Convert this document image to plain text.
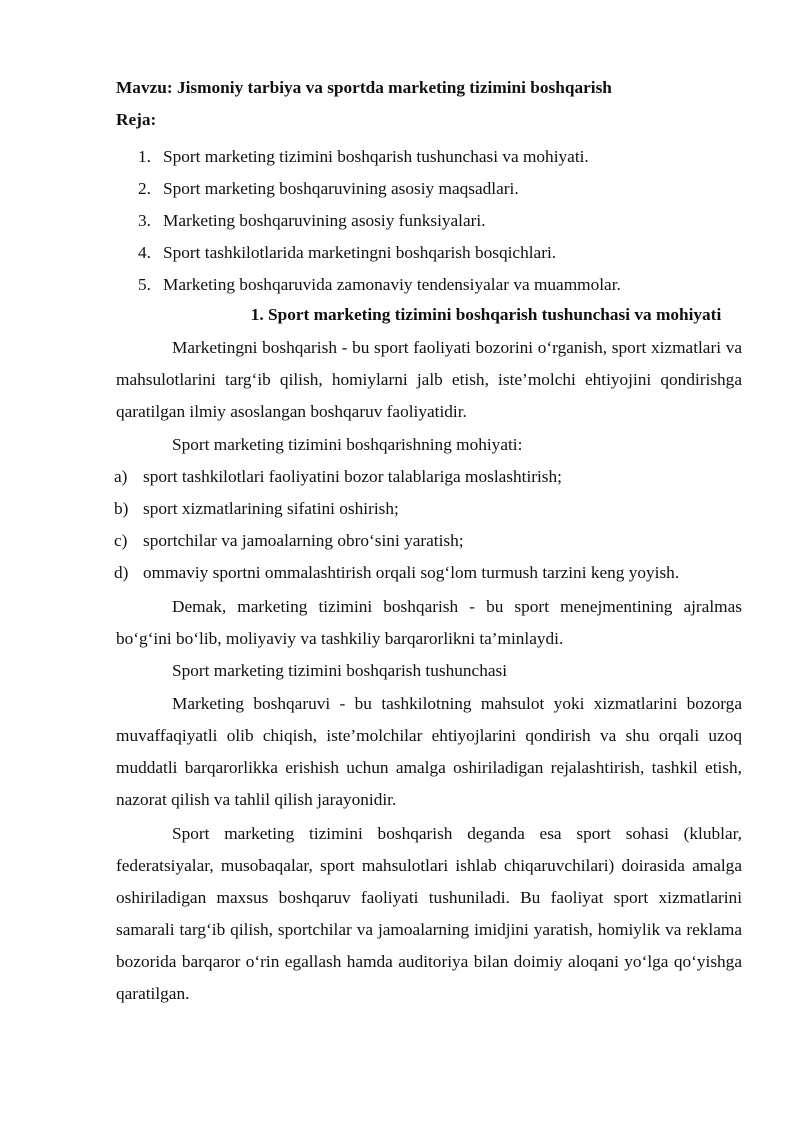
Mavzu: Jismoniy tarbiya va sportda marketing tizimini boshqarish
Reja:
1. Sport marketing tizimini boshqarish tushunchasi va mohiyati.
2. Sport marketing boshqaruvining asosiy maqsadlari.
3. Marketing boshqaruvining asosiy funksiyalari.
4. Sport tashkilotlarida marketingni boshqarish bosqichlari.
5. Marketing boshqaruvida zamonaviy tendensiyalar va muammolar.
1. Sport marketing tizimini boshqarish tushunchasi va mohiyati

Marketingni boshqarish - bu sport faoliyati bozorini o‘rganish, sport xizmatlari va mahsulotlarini targ‘ib qilish, homiylarni jalb etish, iste’molchi ehtiyojini qondirishga qaratilgan ilmiy asoslangan boshqaruv faoliyatidir.

Sport marketing tizimini boshqarishning mohiyati:

a) sport tashkilotlari faoliyatini bozor talablariga moslashtirish;
b) sport xizmatlarining sifatini oshirish;
c) sportchilar va jamoalarning obro‘sini yaratish;
d) ommaviy sportni ommalashtirish orqali sog‘lom turmush tarzini keng yoyish.

Demak, marketing tizimini boshqarish - bu sport menejmentining ajralmas bo‘g‘ini bo‘lib, moliyaviy va tashkiliy barqarorlikni ta’minlaydi.

Sport marketing tizimini boshqarish tushunchasi

Marketing boshqaruvi - bu tashkilotning mahsulot yoki xizmatlarini bozorga muvaffaqiyatli olib chiqish, iste’molchilar ehtiyojlarini qondirish va shu orqali uzoq muddatli barqarorlikka erishish uchun amalga oshiriladigan rejalashtirish, tashkil etish, nazorat qilish va tahlil qilish jarayonidir.

Sport marketing tizimini boshqarish deganda esa sport sohasi (klublar, federatsiyalar, musobaqalar, sport mahsulotlari ishlab chiqaruvchilari) doirasida amalga oshiriladigan maxsus boshqaruv faoliyati tushuniladi. Bu faoliyat sport xizmatlarini samarali targ‘ib qilish, sportchilar va jamoalarning imidjini yaratish, homiylik va reklama bozorida barqaror o‘rin egallash hamda auditoriya bilan doimiy aloqani yo‘lga qo‘yishga qaratilgan.
